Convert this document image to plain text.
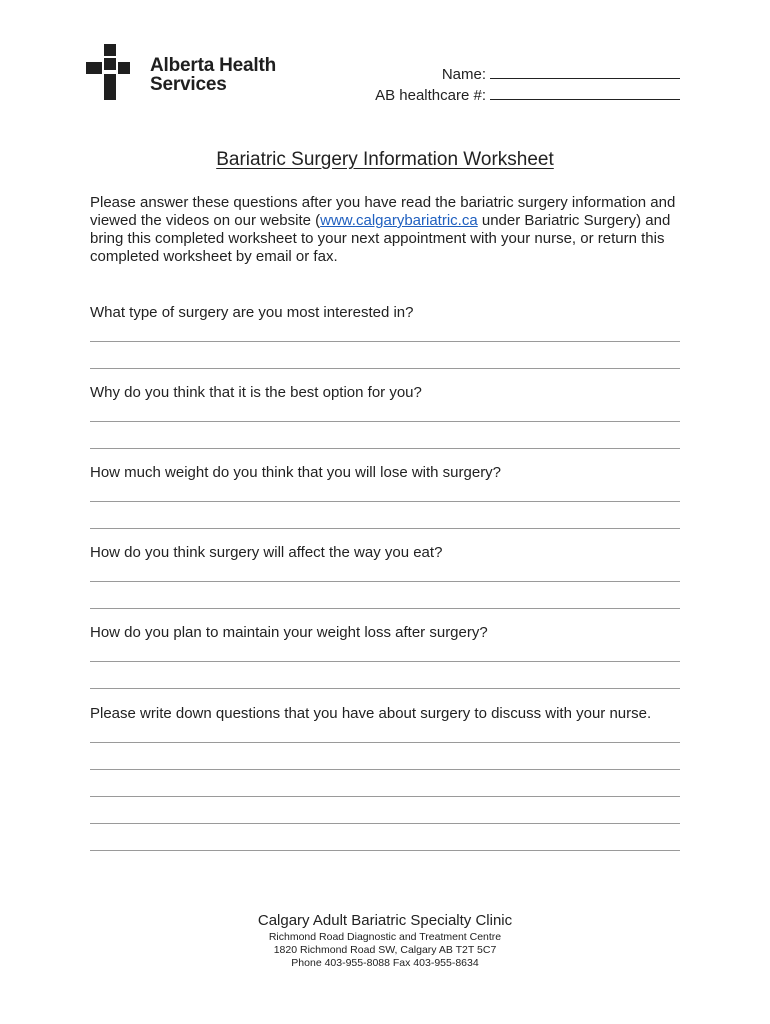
Alberta Health
Services	Name:
AB healthcare #:
Bariatric Surgery Information Worksheet

Please answer these questions after you have read the bariatric surgery information and viewed the videos on our website (www.calgarybariatric.ca under Bariatric Surgery) and bring this completed worksheet to your next appointment with your nurse, or return this completed worksheet by email or fax.

What type of surgery are you most interested in?

Why do you think that it is the best option for you?

How much weight do you think that you will lose with surgery?

How do you think surgery will affect the way you eat?

How do you plan to maintain your weight loss after surgery?

Please write down questions that you have about surgery to discuss with your nurse.

Calgary Adult Bariatric Specialty Clinic
Richmond Road Diagnostic and Treatment Centre
1820 Richmond Road SW, Calgary AB T2T 5C7
Phone 403-955-8088 Fax 403-955-8634
